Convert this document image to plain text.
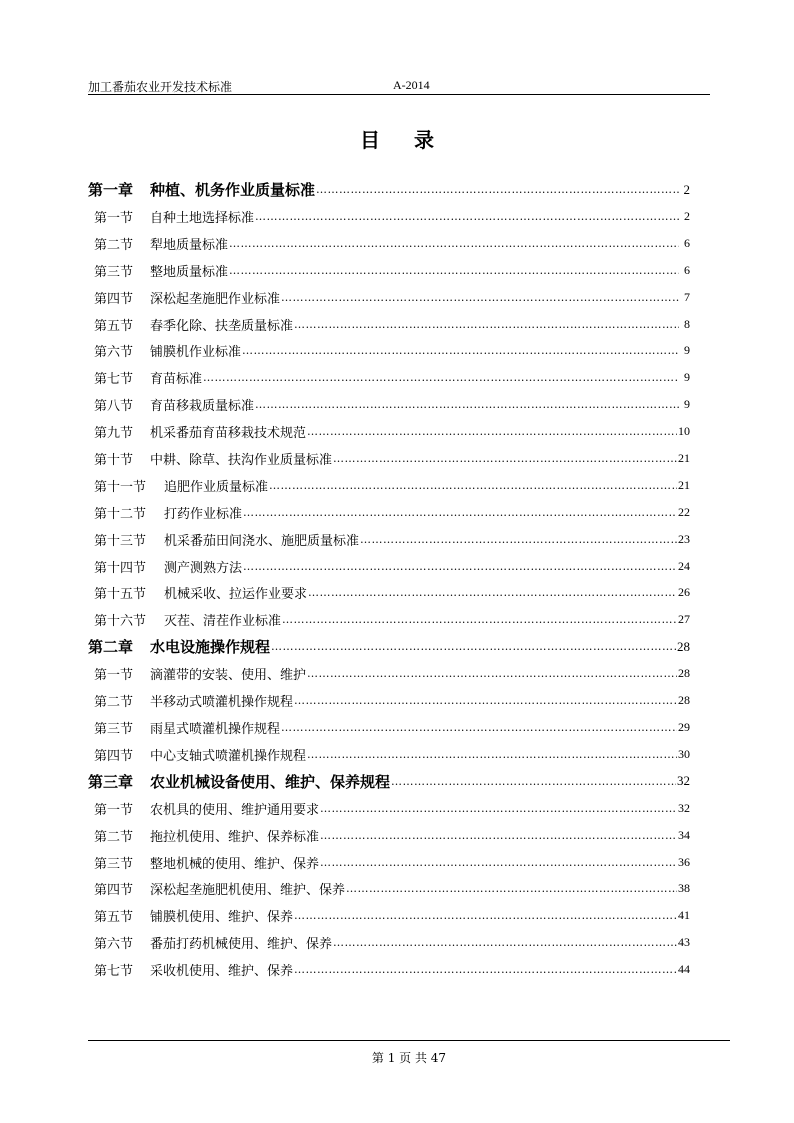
加工番茄农业开发技术标准	A-2014
目录
第一章	种植、机务作业质量标准 …………………………………………………………………………………………………………………………………………………………………………	2
第一节	自种土地选择标准 …………………………………………………………………………………………………………………………………………………………………………	2
第二节	犁地质量标准 …………………………………………………………………………………………………………………………………………………………………………	6
第三节	整地质量标准 …………………………………………………………………………………………………………………………………………………………………………	6
第四节	深松起垄施肥作业标准 …………………………………………………………………………………………………………………………………………………………………………	7
第五节	春季化除、扶垄质量标准 …………………………………………………………………………………………………………………………………………………………………………	8
第六节	铺膜机作业标准 …………………………………………………………………………………………………………………………………………………………………………	9
第七节	育苗标准 …………………………………………………………………………………………………………………………………………………………………………	9
第八节	育苗移栽质量标准 …………………………………………………………………………………………………………………………………………………………………………	9
第九节	机采番茄育苗移栽技术规范 …………………………………………………………………………………………………………………………………………………………………………	10
第十节	中耕、除草、扶沟作业质量标准 …………………………………………………………………………………………………………………………………………………………………………	21
第十一节	追肥作业质量标准 …………………………………………………………………………………………………………………………………………………………………………	21
第十二节	打药作业标准 …………………………………………………………………………………………………………………………………………………………………………	22
第十三节	机采番茄田间浇水、施肥质量标准 …………………………………………………………………………………………………………………………………………………………………………	23
第十四节	测产测熟方法 …………………………………………………………………………………………………………………………………………………………………………	24
第十五节	机械采收、拉运作业要求 …………………………………………………………………………………………………………………………………………………………………………	26
第十六节	灭茬、清茬作业标准 …………………………………………………………………………………………………………………………………………………………………………	27
第二章	水电设施操作规程 …………………………………………………………………………………………………………………………………………………………………………	28
第一节	滴灌带的安装、使用、维护 …………………………………………………………………………………………………………………………………………………………………………	28
第二节	半移动式喷灌机操作规程 …………………………………………………………………………………………………………………………………………………………………………	28
第三节	雨星式喷灌机操作规程 …………………………………………………………………………………………………………………………………………………………………………	29
第四节	中心支轴式喷灌机操作规程 …………………………………………………………………………………………………………………………………………………………………………	30
第三章	农业机械设备使用、维护、保养规程 …………………………………………………………………………………………………………………………………………………………………………	32
第一节	农机具的使用、维护通用要求 …………………………………………………………………………………………………………………………………………………………………………	32
第二节	拖拉机使用、维护、保养标准 …………………………………………………………………………………………………………………………………………………………………………	34
第三节	整地机械的使用、维护、保养 …………………………………………………………………………………………………………………………………………………………………………	36
第四节	深松起垄施肥机使用、维护、保养 …………………………………………………………………………………………………………………………………………………………………………	38
第五节	铺膜机使用、维护、保养 …………………………………………………………………………………………………………………………………………………………………………	41
第六节	番茄打药机械使用、维护、保养 …………………………………………………………………………………………………………………………………………………………………………	43
第七节	采收机使用、维护、保养 …………………………………………………………………………………………………………………………………………………………………………	44
第 1 页 共 47
